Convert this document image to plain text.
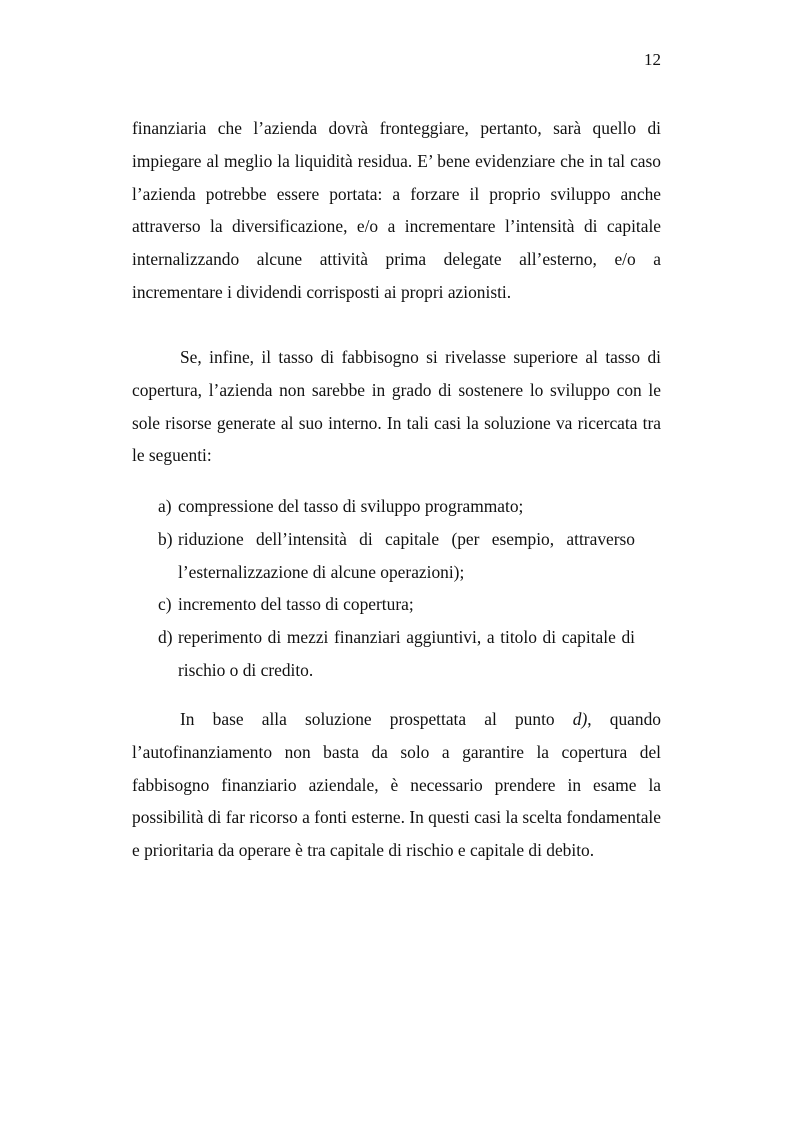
12

finanziaria che l’azienda dovrà fronteggiare, pertanto, sarà quello di impiegare al meglio la liquidità residua. E’ bene evidenziare che in tal caso l’azienda potrebbe essere portata: a forzare il proprio sviluppo anche attraverso la diversificazione, e/o a incrementare l’intensità di capitale internalizzando alcune attività prima delegate all’esterno, e/o a incrementare i dividendi corrisposti ai propri azionisti.

Se, infine, il tasso di fabbisogno si rivelasse superiore al tasso di copertura, l’azienda non sarebbe in grado di sostenere lo sviluppo con le sole risorse generate al suo interno. In tali casi la soluzione va ricercata tra le seguenti:

a) compressione del tasso di sviluppo programmato;
b) riduzione dell’intensità di capitale (per esempio, attraverso l’esternalizzazione di alcune operazioni);
c) incremento del tasso di copertura;
d) reperimento di mezzi finanziari aggiuntivi, a titolo di capitale di rischio o di credito.

In base alla soluzione prospettata al punto d), quando l’autofinanziamento non basta da solo a garantire la copertura del fabbisogno finanziario aziendale, è necessario prendere in esame la possibilità di far ricorso a fonti esterne. In questi casi la scelta fondamentale e prioritaria da operare è tra capitale di rischio e capitale di debito.
